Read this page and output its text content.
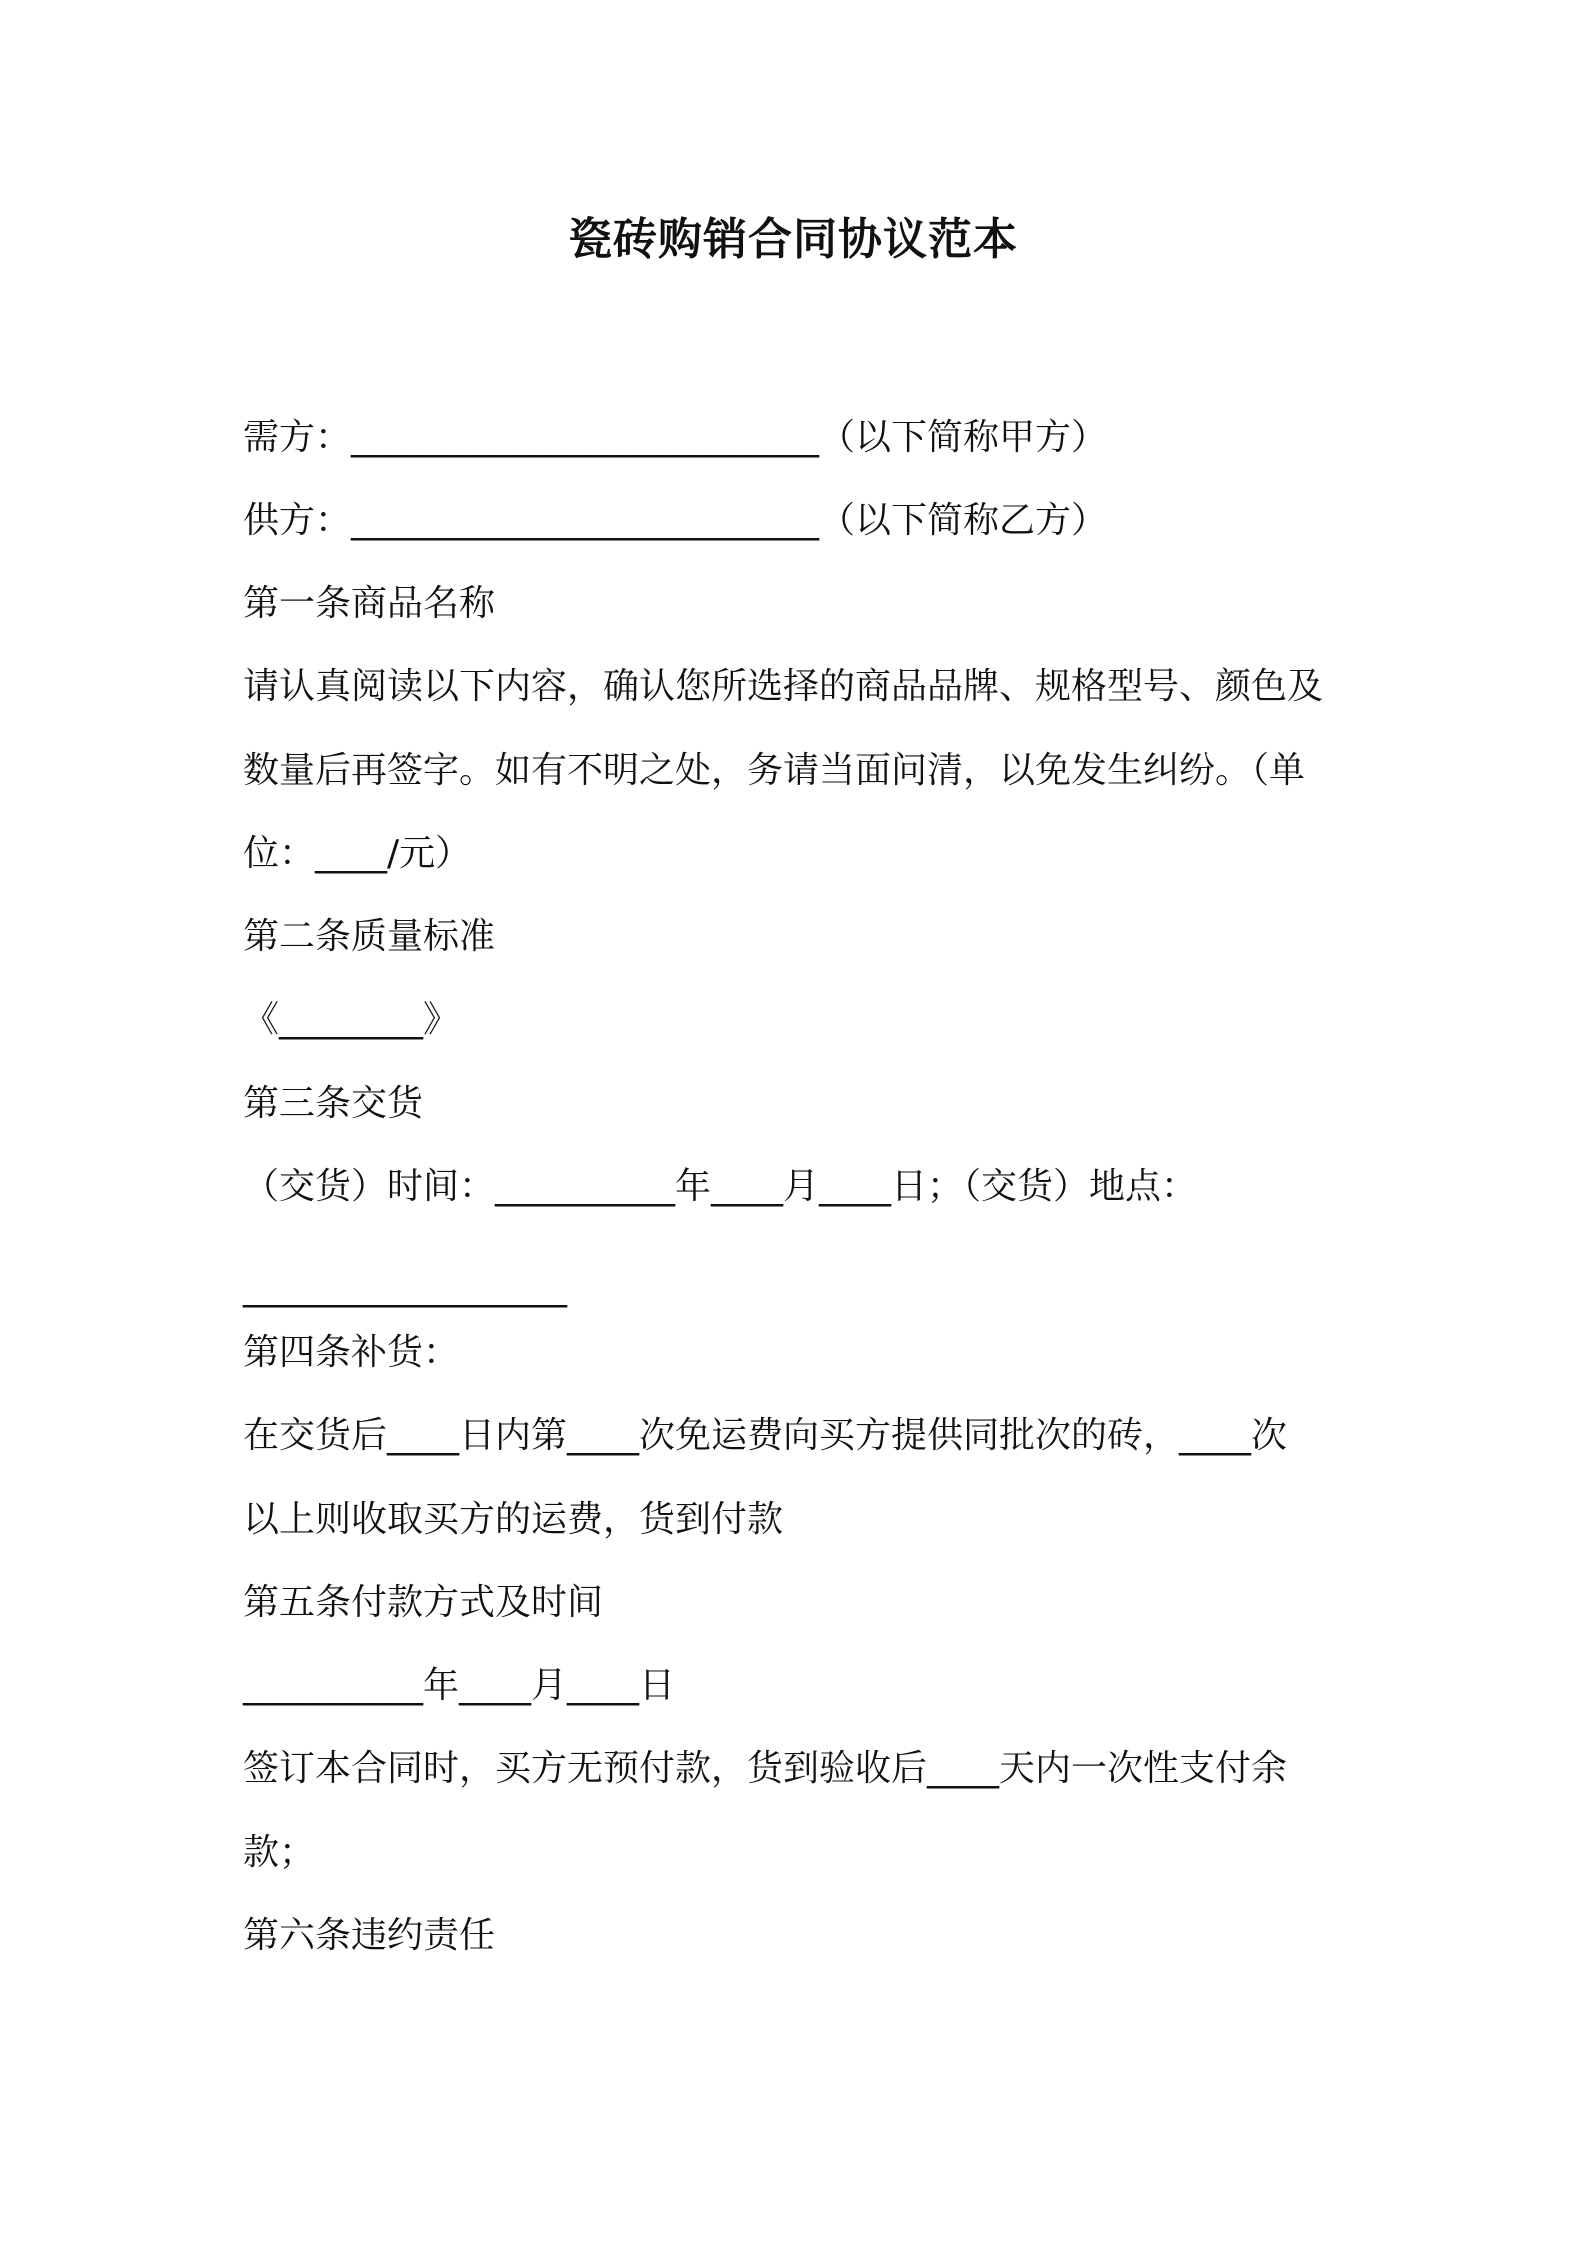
瓷砖购销合同协议范本
需方：__________________________（以下简称甲方）
供方：__________________________（以下简称乙方）
第一条商品名称
请认真阅读以下内容，确认您所选择的商品品牌、规格型号、颜色及
数量后再签字。如有不明之处，务请当面问清，以免发生纠纷。（单
位：____/元）
第二条质量标准
《________》
第三条交货
（交货）时间：__________年____月____日；（交货）地点：
__________________
第四条补货：
在交货后____日内第____次免运费向买方提供同批次的砖，____次
以上则收取买方的运费，货到付款
第五条付款方式及时间
__________年____月____日
签订本合同时，买方无预付款，货到验收后____天内一次性支付余
款；
第六条违约责任
